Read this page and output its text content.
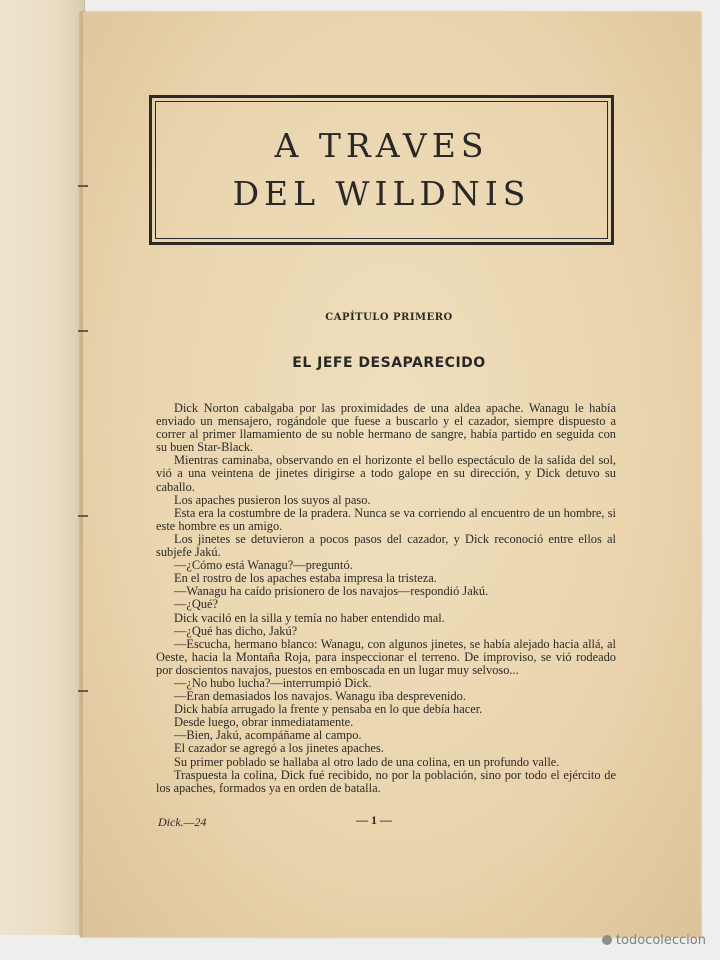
A TRAVES
DEL WILDNIS
CAPÍTULO PRIMERO
EL JEFE DESAPARECIDO

Dick Norton cabalgaba por las proximidades de una aldea apache. Wanagu le había enviado un mensajero, rogándole que fuese a buscarlo y el cazador, siempre dispuesto a correr al primer llamamiento de su noble hermano de sangre, había partido en seguida con su buen Star-Black.

Mientras caminaba, observando en el horizonte el bello espectáculo de la salida del sol, vió a una veintena de jinetes dirigirse a todo galope en su dirección, y Dick detuvo su caballo.

Los apaches pusieron los suyos al paso.

Esta era la costumbre de la pradera. Nunca se va corriendo al encuentro de un hombre, si este hombre es un amigo.

Los jinetes se detuvieron a pocos pasos del cazador, y Dick reconoció entre ellos al subjefe Jakú.

—¿Cómo está Wanagu?—preguntó.

En el rostro de los apaches estaba impresa la tristeza.

—Wanagu ha caído prisionero de los navajos—respondió Jakú.

—¿Qué?

Dick vaciló en la silla y temía no haber entendido mal.

—¿Qué has dicho, Jakú?

—Escucha, hermano blanco: Wanagu, con algunos jinetes, se había alejado hacia allá, al Oeste, hacia la Montaña Roja, para inspeccionar el terreno. De improviso, se vió rodeado por doscientos navajos, puestos en emboscada en un lugar muy selvoso...

—¿No hubo lucha?—interrumpió Dick.

—Eran demasiados los navajos. Wanagu iba desprevenido.

Dick había arrugado la frente y pensaba en lo que debía hacer.

Desde luego, obrar inmediatamente.

—Bien, Jakú, acompáñame al campo.

El cazador se agregó a los jinetes apaches.

Su primer poblado se hallaba al otro lado de una colina, en un profundo valle.

Traspuesta la colina, Dick fué recibido, no por la población, sino por todo el ejército de los apaches, formados ya en orden de batalla.

Dick.—24	— 1 —
todocoleccion
